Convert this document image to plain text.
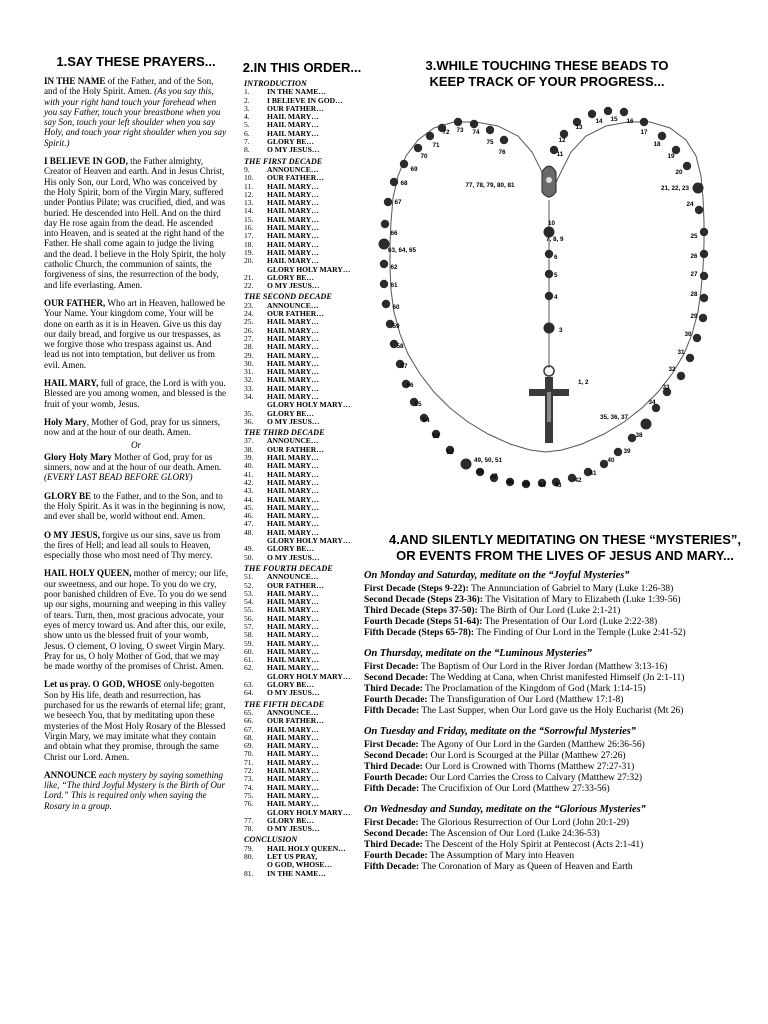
1.SAY THESE PRAYERS...	2.IN THIS ORDER...	3.WHILE TOUCHING THESE BEADS TO
KEEP TRACK OF YOUR PROGRESS...
4.AND SILENTLY MEDITATING ON THESE “MYSTERIES”,
OR EVENTS FROM THE LIVES OF JESUS AND MARY...

IN THE NAME of the Father, and of the Son, and of the Holy Spirit. Amen. (As you say this, with your right hand touch your forehead when you say Father, touch your breastbone when you say Son, touch your left shoulder when you say Holy, and touch your right shoulder when you say Spirit.)

I BELIEVE IN GOD, the Father almighty, Creator of Heaven and earth. And in Jesus Christ, His only Son, our Lord, Who was conceived by the Holy Spirit, born of the Virgin Mary, suffered under Pontius Pilate; was crucified, died, and was buried. He descended into Hell. And on the third day He rose again from the dead. He ascended into Heaven, and is seated at the right hand of the Father. He shall come again to judge the living and the dead. I believe in the Holy Spirit, the holy catholic Church, the communion of saints, the forgiveness of sins, the resurrection of the body, and life everlasting. Amen.

OUR FATHER, Who art in Heaven, hallowed be Your Name. Your kingdom come, Your will be done on earth as it is in Heaven. Give us this day our daily bread, and forgive us our trespasses, as we forgive those who trespass against us. And lead us not into temptation, but deliver us from evil. Amen.

HAIL MARY, full of grace, the Lord is with you. Blessed are you among women, and blessed is the fruit of your womb, Jesus.

Holy Mary, Mother of God, pray for us sinners, now and at the hour of our death. Amen.

Or

Glory Holy Mary Mother of God, pray for us sinners, now and at the hour of our death. Amen. (EVERY LAST BEAD BEFORE GLORY)

GLORY BE to the Father, and to the Son, and to the Holy Spirit. As it was in the beginning is now, and ever shall be, world without end. Amen.

O MY JESUS, forgive us our sins, save us from the fires of Hell; and lead all souls to Heaven, especially those who most need of Thy mercy.

HAIL HOLY QUEEN, mother of mercy; our life, our sweetness, and our hope. To you do we cry, poor banished children of Eve. To you do we send up our sighs, mourning and weeping in this valley of tears. Turn, then, most gracious advocate, your eyes of mercy toward us. And after this, our exile, show unto us the blessed fruit of your womb, Jesus. O clement, O loving, O sweet Virgin Mary. Pray for us, O holy Mother of God, that we may be made worthy of the promises of Christ. Amen.

Let us pray. O GOD, WHOSE only-begotten Son by His life, death and resurrection, has purchased for us the rewards of eternal life; grant, we beseech You, that by meditating upon these mysteries of the Most Holy Rosary of the Blessed Virgin Mary, we may imitate what they contain and obtain what they promise, through the same Christ our Lord. Amen.

ANNOUNCE each mystery by saying something like, “The third Joyful Mystery is the Birth of Our Lord.” This is required only when saying the Rosary in a group.

INTRODUCTION
1.	IN THE NAME…
2.	I BELIEVE IN GOD…
3.	OUR FATHER…
4.	HAIL MARY…
5.	HAIL MARY…
6.	HAIL MARY…
7.	GLORY BE…
8.	O MY JESUS…
THE FIRST DECADE
9.	ANNOUNCE…
10.	OUR FATHER…
11.	HAIL MARY…
12.	HAIL MARY…
13.	HAIL MARY…
14.	HAIL MARY…
15.	HAIL MARY…
16.	HAIL MARY…
17.	HAIL MARY…
18.	HAIL MARY…
19.	HAIL MARY…
20.	HAIL MARY…
GLORY HOLY MARY…
21.	GLORY BE…
22.	O MY JESUS…
THE SECOND DECADE
23.	ANNOUNCE…
24.	OUR FATHER…
25.	HAIL MARY…
26.	HAIL MARY…
27.	HAIL MARY…
28.	HAIL MARY…
29.	HAIL MARY…
30.	HAIL MARY…
31.	HAIL MARY…
32.	HAIL MARY…
33.	HAIL MARY…
34.	HAIL MARY…
GLORY HOLY MARY…
35.	GLORY BE…
36.	O MY JESUS…
THE THIRD DECADE
37.	ANNOUNCE…
38.	OUR FATHER…
39.	HAIL MARY…
40.	HAIL MARY…
41.	HAIL MARY…
42.	HAIL MARY…
43.	HAIL MARY…
44.	HAIL MARY…
45.	HAIL MARY…
46.	HAIL MARY…
47.	HAIL MARY…
48.	HAIL MARY…
GLORY HOLY MARY…
49.	GLORY BE…
50.	O MY JESUS…
THE FOURTH DECADE
51.	ANNOUNCE…
52.	OUR FATHER…
53.	HAIL MARY…
54.	HAIL MARY…
55.	HAIL MARY…
56.	HAIL MARY…
57.	HAIL MARY…
58.	HAIL MARY…
59.	HAIL MARY…
60.	HAIL MARY…
61.	HAIL MARY…
62.	HAIL MARY…
GLORY HOLY MARY…
63.	GLORY BE…
64.	O MY JESUS…
THE FIFTH DECADE
65.	ANNOUNCE…
66.	OUR FATHER…
67.	HAIL MARY…
68.	HAIL MARY…
69.	HAIL MARY…
70.	HAIL MARY…
71.	HAIL MARY…
72.	HAIL MARY…
73.	HAIL MARY…
74.	HAIL MARY…
75.	HAIL MARY…
76.	HAIL MARY…
GLORY HOLY MARY…
77.	GLORY BE…
78.	O MY JESUS…
CONCLUSION
79.	HAIL HOLY QUEEN…
80.	LET US PRAY,
O GOD, WHOSE…
81.	IN THE NAME…
3
4
5
6
7, 8, 9
10
1, 2
11
12
13
14 15 16
17
18
19
20
21, 22, 23
24
25
26
27
28
29
30
31
32
33
34
35, 36, 37
38
39
40
41
42
43
44
45
46
47
48
49, 50, 51
52
53
54
55
56
57
58
59
60
61
62
63, 64, 65
66
67
68
69
70
71
72 73 74
75
76
77, 78, 79, 80, 81
On Monday and Saturday, meditate on the “Joyful Mysteries”
First Decade (Steps 9-22): The Annunciation of Gabriel to Mary (Luke 1:26-38)
Second Decade (Steps 23-36): The Visitation of Mary to Elizabeth (Luke 1:39-56)
Third Decade (Steps 37-50): The Birth of Our Lord (Luke 2:1-21)
Fourth Decade (Steps 51-64): The Presentation of Our Lord (Luke 2:22-38)
Fifth Decade (Steps 65-78): The Finding of Our Lord in the Temple (Luke 2:41-52)
On Thursday, meditate on the “Luminous Mysteries”
First Decade: The Baptism of Our Lord in the River Jordan (Matthew 3:13-16)
Second Decade: The Wedding at Cana, when Christ manifested Himself (Jn 2:1-11)
Third Decade: The Proclamation of the Kingdom of God (Mark 1:14-15)
Fourth Decade: The Transfiguration of Our Lord (Matthew 17:1-8)
Fifth Decade: The Last Supper, when Our Lord gave us the Holy Eucharist (Mt 26)
On Tuesday and Friday, meditate on the “Sorrowful Mysteries”
First Decade: The Agony of Our Lord in the Garden (Matthew 26:36-56)
Second Decade: Our Lord is Scourged at the Pillar (Matthew 27:26)
Third Decade: Our Lord is Crowned with Thorns (Matthew 27:27-31)
Fourth Decade: Our Lord Carries the Cross to Calvary (Matthew 27:32)
Fifth Decade: The Crucifixion of Our Lord (Matthew 27:33-56)
On Wednesday and Sunday, meditate on the “Glorious Mysteries”
First Decade: The Glorious Resurrection of Our Lord (John 20:1-29)
Second Decade: The Ascension of Our Lord (Luke 24:36-53)
Third Decade: The Descent of the Holy Spirit at Pentecost (Acts 2:1-41)
Fourth Decade: The Assumption of Mary into Heaven
Fifth Decade: The Coronation of Mary as Queen of Heaven and Earth
